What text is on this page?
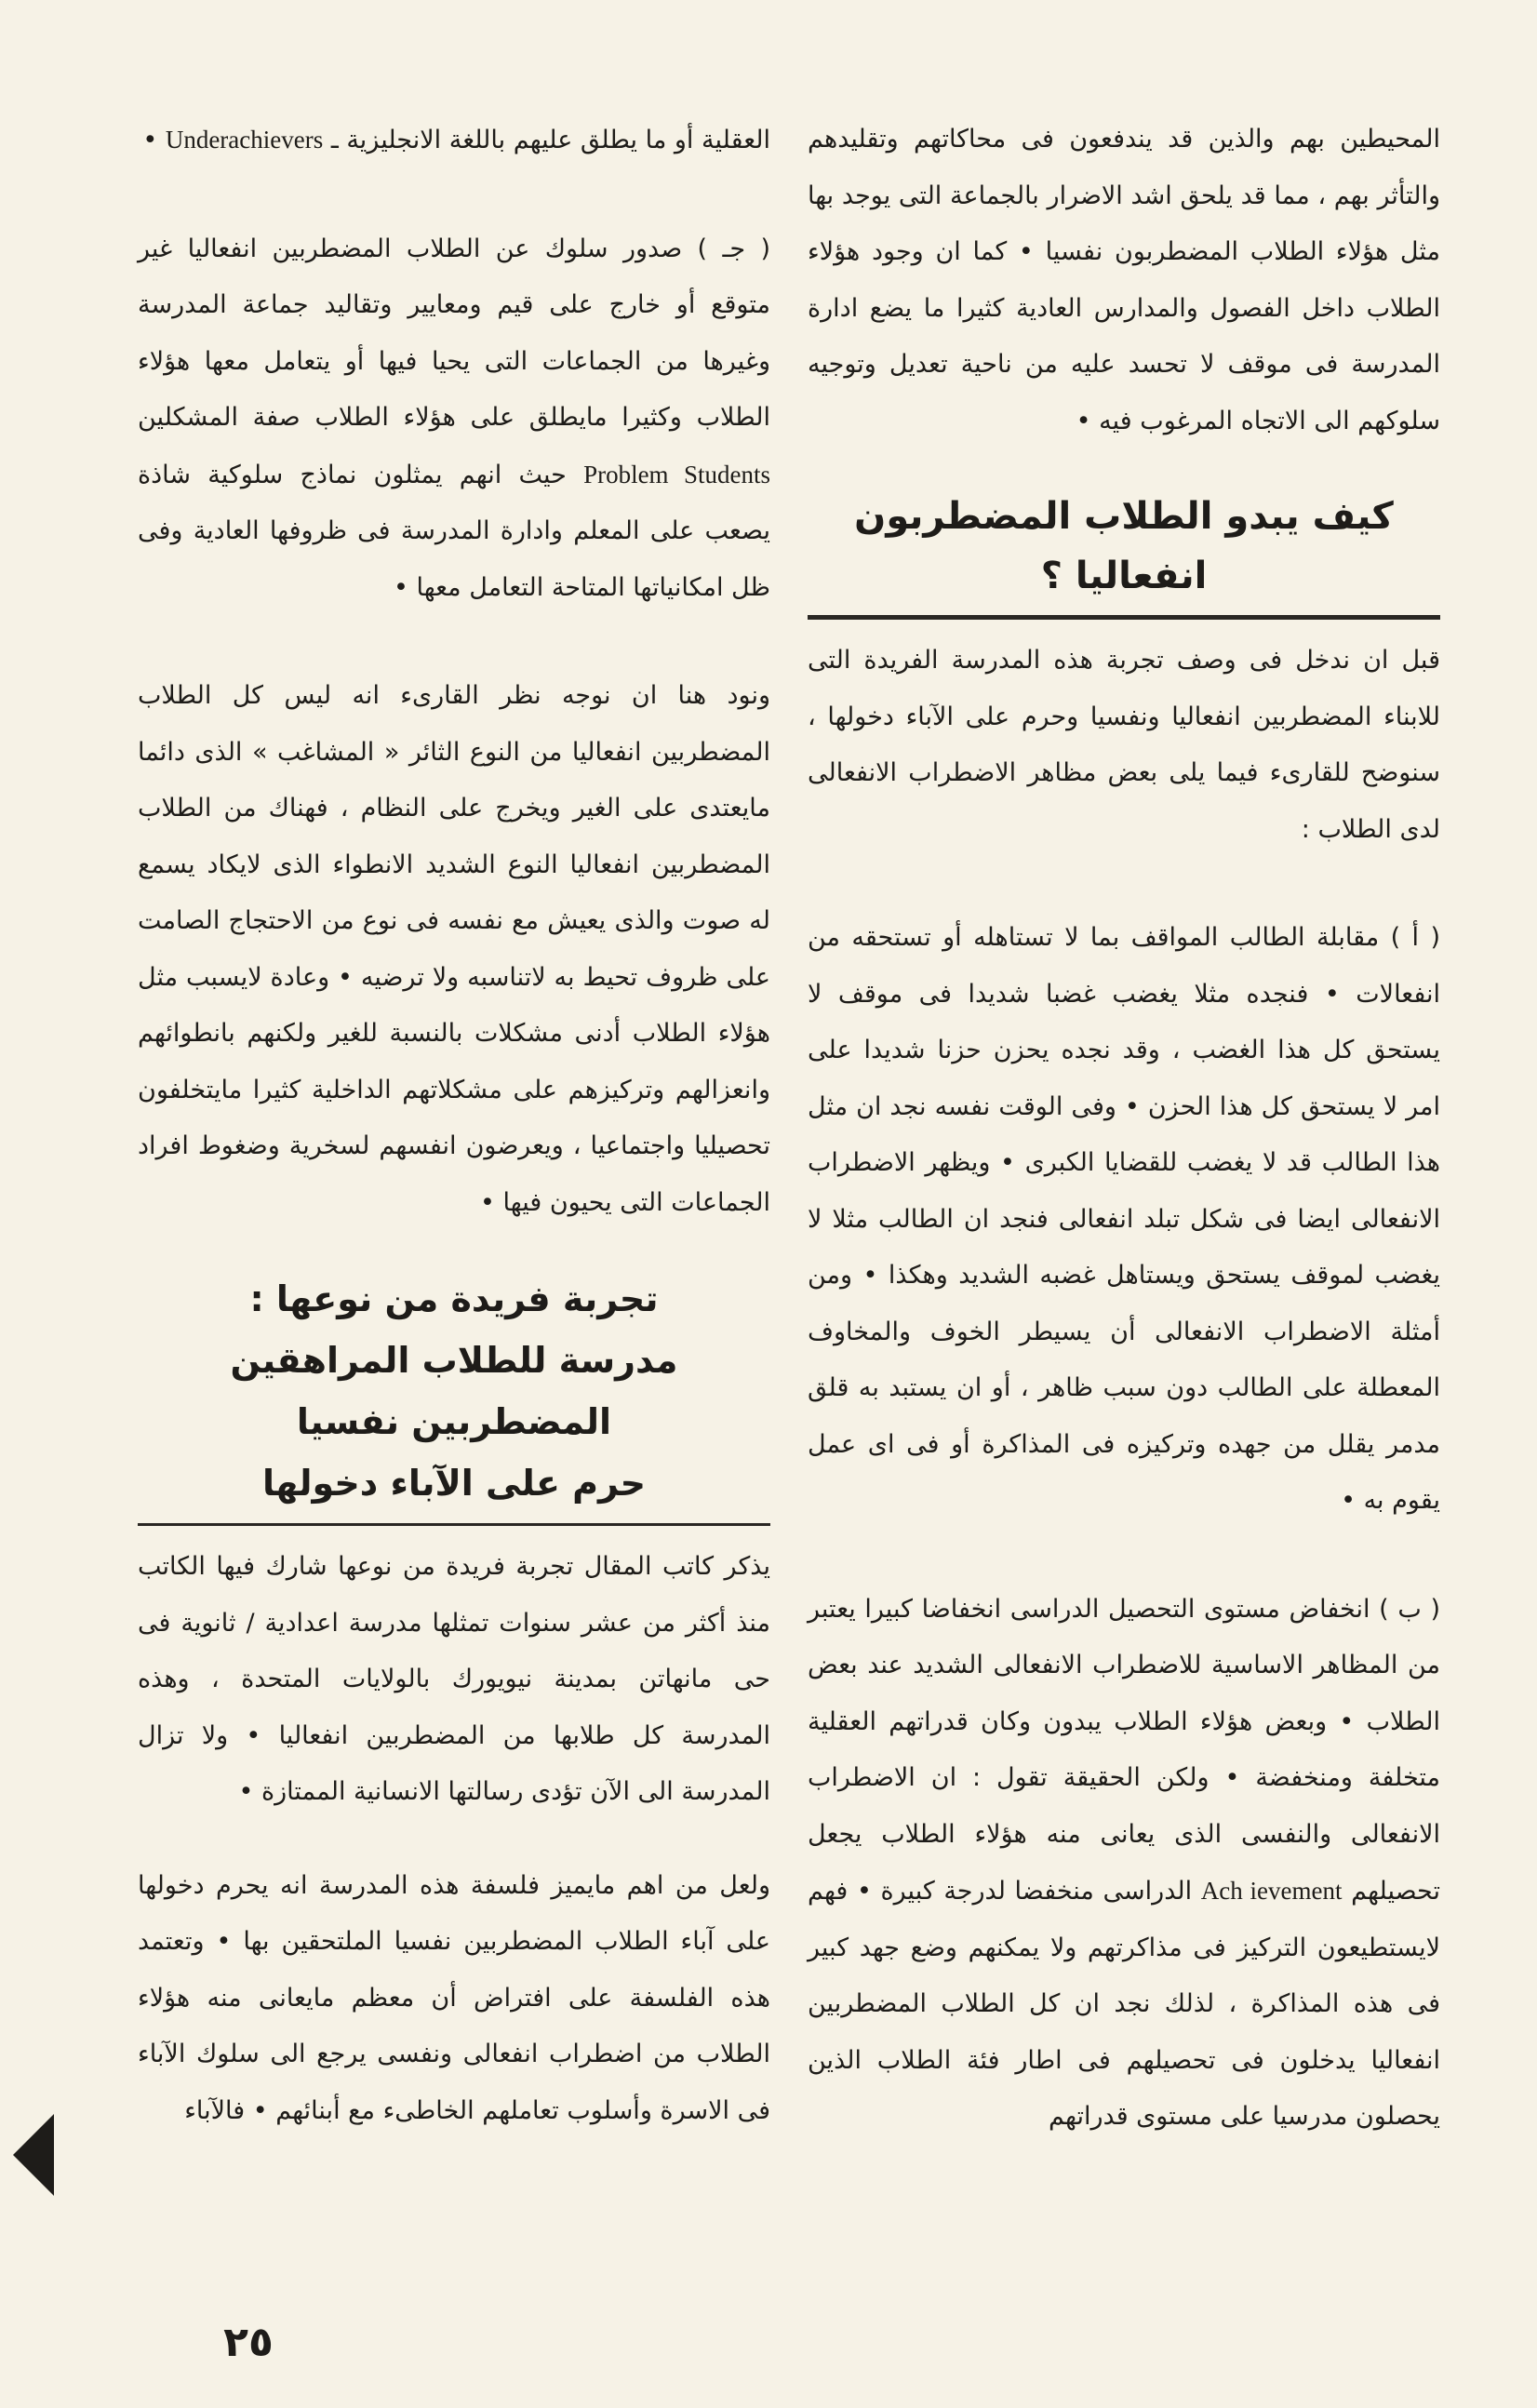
المحيطين بهم والذين قد يندفعون فى محاكاتهم وتقليدهم والتأثر بهم ، مما قد يلحق اشد الاضرار بالجماعة التى يوجد بها مثل هؤلاء الطلاب المضطربون نفسيا • كما ان وجود هؤلاء الطلاب داخل الفصول والمدارس العادية كثيرا ما يضع ادارة المدرسة فى موقف لا تحسد عليه من ناحية تعديل وتوجيه سلوكهم الى الاتجاه المرغوب فيه •

كيف يبدو الطلاب المضطربون انفعاليا ؟

قبل ان ندخل فى وصف تجربة هذه المدرسة الفريدة التى للابناء المضطربين انفعاليا ونفسيا وحرم على الآباء دخولها ، سنوضح للقارىء فيما يلى بعض مظاهر الاضطراب الانفعالى لدى الطلاب :

( أ ) مقابلة الطالب المواقف بما لا تستاهله أو تستحقه من انفعالات • فنجده مثلا يغضب غضبا شديدا فى موقف لا يستحق كل هذا الغضب ، وقد نجده يحزن حزنا شديدا على امر لا يستحق كل هذا الحزن • وفى الوقت نفسه نجد ان مثل هذا الطالب قد لا يغضب للقضايا الكبرى • ويظهر الاضطراب الانفعالى ايضا فى شكل تبلد انفعالى فنجد ان الطالب مثلا لا يغضب لموقف يستحق ويستاهل غضبه الشديد وهكذا • ومن أمثلة الاضطراب الانفعالى أن يسيطر الخوف والمخاوف المعطلة على الطالب دون سبب ظاهر ، أو ان يستبد به قلق مدمر يقلل من جهده وتركيزه فى المذاكرة أو فى اى عمل يقوم به •

( ب ) انخفاض مستوى التحصيل الدراسى انخفاضا كبيرا يعتبر من المظاهر الاساسية للاضطراب الانفعالى الشديد عند بعض الطلاب • وبعض هؤلاء الطلاب يبدون وكان قدراتهم العقلية متخلفة ومنخفضة • ولكن الحقيقة تقول : ان الاضطراب الانفعالى والنفسى الذى يعانى منه هؤلاء الطلاب يجعل تحصيلهم Ach ievement الدراسى منخفضا لدرجة كبيرة • فهم لايستطيعون التركيز فى مذاكرتهم ولا يمكنهم وضع جهد كبير فى هذه المذاكرة ، لذلك نجد ان كل الطلاب المضطربين انفعاليا يدخلون فى تحصيلهم فى اطار فئة الطلاب الذين يحصلون مدرسيا على مستوى قدراتهم

العقلية أو ما يطلق عليهم باللغة الانجليزية ـ Underachievers •

( جـ ) صدور سلوك عن الطلاب المضطربين انفعاليا غير متوقع أو خارج على قيم ومعايير وتقاليد جماعة المدرسة وغيرها من الجماعات التى يحيا فيها أو يتعامل معها هؤلاء الطلاب وكثيرا مايطلق على هؤلاء الطلاب صفة المشكلين Problem Students حيث انهم يمثلون نماذج سلوكية شاذة يصعب على المعلم وادارة المدرسة فى ظروفها العادية وفى ظل امكانياتها المتاحة التعامل معها •

ونود هنا ان نوجه نظر القارىء انه ليس كل الطلاب المضطربين انفعاليا من النوع الثائر « المشاغب » الذى دائما مايعتدى على الغير ويخرج على النظام ، فهناك من الطلاب المضطربين انفعاليا النوع الشديد الانطواء الذى لايكاد يسمع له صوت والذى يعيش مع نفسه فى نوع من الاحتجاج الصامت على ظروف تحيط به لاتناسبه ولا ترضيه • وعادة لايسبب مثل هؤلاء الطلاب أدنى مشكلات بالنسبة للغير ولكنهم بانطوائهم وانعزالهم وتركيزهم على مشكلاتهم الداخلية كثيرا مايتخلفون تحصيليا واجتماعيا ، ويعرضون انفسهم لسخرية وضغوط افراد الجماعات التى يحيون فيها •

تجربة فريدة من نوعها :

مدرسة للطلاب المراهقين المضطربين نفسيا

حرم على الآباء دخولها

يذكر كاتب المقال تجربة فريدة من نوعها شارك فيها الكاتب منذ أكثر من عشر سنوات تمثلها مدرسة اعدادية / ثانوية فى حى مانهاتن بمدينة نيويورك بالولايات المتحدة ، وهذه المدرسة كل طلابها من المضطربين انفعاليا • ولا تزال المدرسة الى الآن تؤدى رسالتها الانسانية الممتازة •

ولعل من اهم مايميز فلسفة هذه المدرسة انه يحرم دخولها على آباء الطلاب المضطربين نفسيا الملتحقين بها • وتعتمد هذه الفلسفة على افتراض أن معظم مايعانى منه هؤلاء الطلاب من اضطراب انفعالى ونفسى يرجع الى سلوك الآباء فى الاسرة وأسلوب تعاملهم الخاطىء مع أبنائهم • فالآباء

٢٥
